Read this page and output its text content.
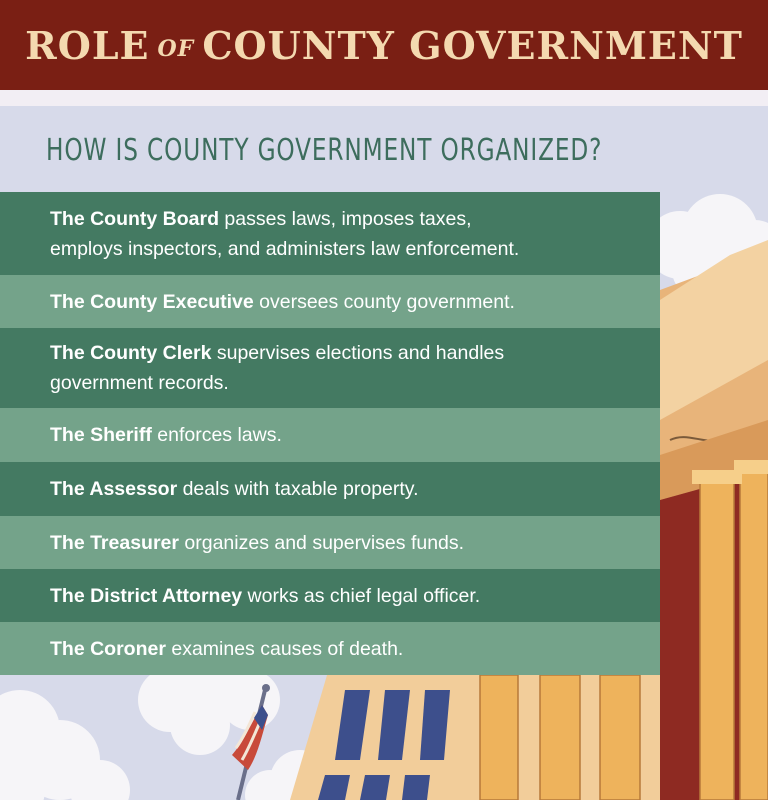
ROLE OF COUNTY GOVERNMENT
HOW IS COUNTY GOVERNMENT ORGANIZED?
The County Board passes laws, imposes taxes,
employs inspectors, and administers law enforcement.
The County Executive oversees county government.
The County Clerk supervises elections and handles
government records.
The Sheriff enforces laws.
The Assessor deals with taxable property.
The Treasurer organizes and supervises funds.
The District Attorney works as chief legal officer.
The Coroner examines causes of death.
